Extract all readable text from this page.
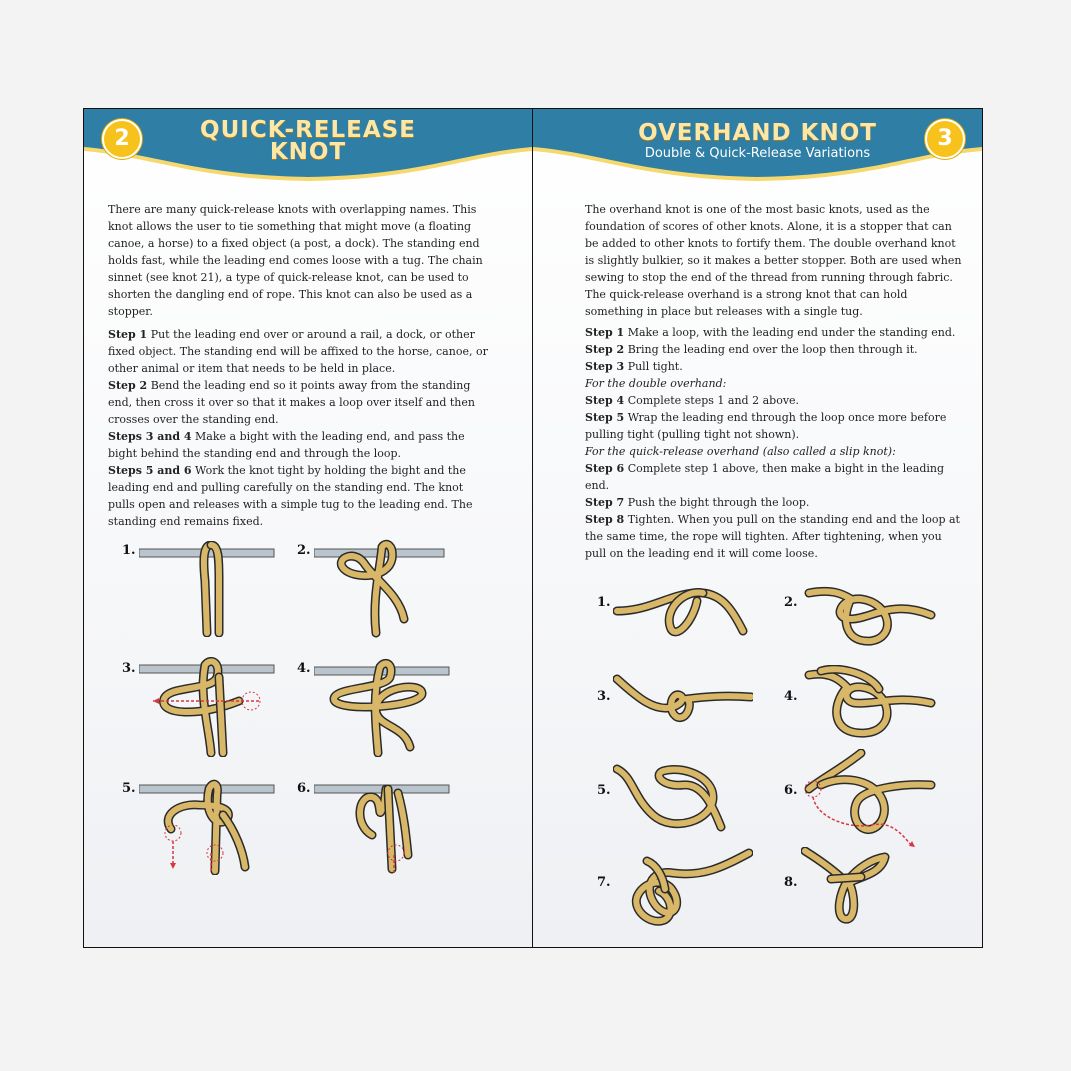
2	QUICK-RELEASE
KNOT

There are many quick-release knots with overlapping names. This knot allows the user to tie something that might move (a floating canoe, a horse) to a fixed object (a post, a dock). The standing end holds fast, while the leading end comes loose with a tug. The chain sinnet (see knot 21), a type of quick-release knot, can be used to shorten the dangling end of rope. This knot can also be used as a stopper.

Step 1 Put the leading end over or around a rail, a dock, or other fixed object. The standing end will be affixed to the horse, canoe, or other animal or item that needs to be held in place.

Step 2 Bend the leading end so it points away from the standing end, then cross it over so that it makes a loop over itself and then crosses over the standing end.

Steps 3 and 4 Make a bight with the leading end, and pass the bight behind the standing end and through the loop.

Steps 5 and 6 Work the knot tight by holding the bight and the leading end and pulling carefully on the standing end. The knot pulls open and releases with a simple tug to the leading end. The standing end remains fixed.

1.	2.
3.	4.
5.	6.
3
OVERHAND KNOT
Double & Quick-Release Variations

The overhand knot is one of the most basic knots, used as the foundation of scores of other knots. Alone, it is a stopper that can be added to other knots to fortify them. The double overhand knot is slightly bulkier, so it makes a better stopper. Both are used when sewing to stop the end of the thread from running through fabric. The quick-release overhand is a strong knot that can hold something in place but releases with a single tug.

Step 1 Make a loop, with the leading end under the standing end.

Step 2 Bring the leading end over the loop then through it.

Step 3 Pull tight.

For the double overhand:

Step 4 Complete steps 1 and 2 above.

Step 5 Wrap the leading end through the loop once more before pulling tight (pulling tight not shown).

For the quick-release overhand (also called a slip knot):

Step 6 Complete step 1 above, then make a bight in the leading end.

Step 7 Push the bight through the loop.

Step 8 Tighten. When you pull on the standing end and the loop at the same time, the rope will tighten. After tightening, when you pull on the leading end it will come loose.

1.	2.
3.	4.
5.	6.
7.	8.
